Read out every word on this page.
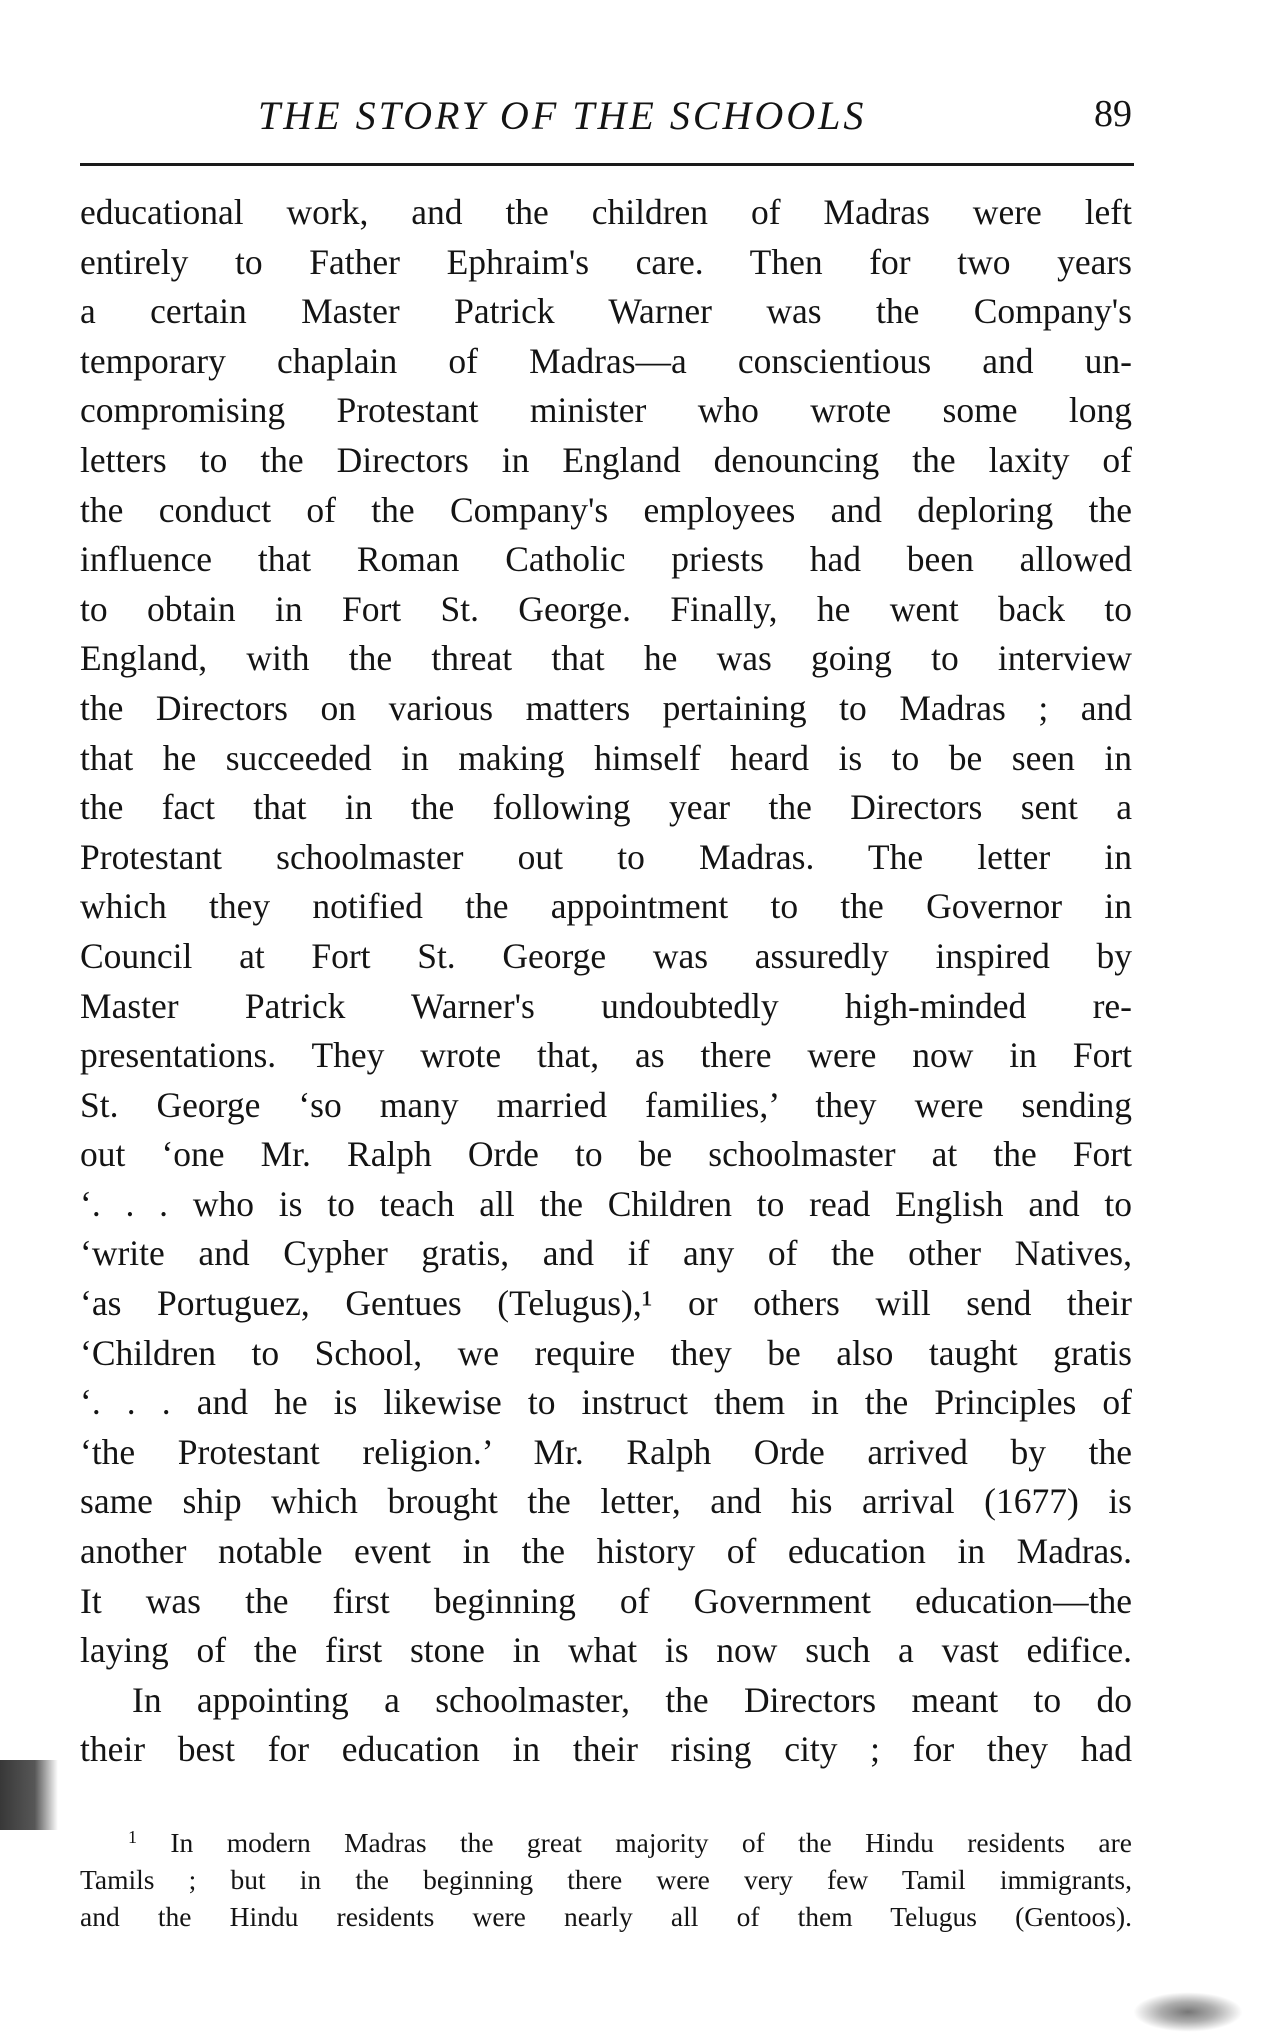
THE STORY OF THE SCHOOLS	89
educational work, and the children of Madras were left
entirely to Father Ephraim's care. Then for two years
a certain Master Patrick Warner was the Company's
temporary chaplain of Madras—a conscientious and un-
compromising Protestant minister who wrote some long
letters to the Directors in England denouncing the laxity of
the conduct of the Company's employees and deploring the
influence that Roman Catholic priests had been allowed
to obtain in Fort St. George. Finally, he went back to
England, with the threat that he was going to interview
the Directors on various matters pertaining to Madras ; and
that he succeeded in making himself heard is to be seen in
the fact that in the following year the Directors sent a
Protestant schoolmaster out to Madras. The letter in
which they notified the appointment to the Governor in
Council at Fort St. George was assuredly inspired by
Master Patrick Warner's undoubtedly high-minded re-
presentations. They wrote that, as there were now in Fort
St. George ‘so many married families,’ they were sending
out ‘one Mr. Ralph Orde to be schoolmaster at the Fort
‘. . . who is to teach all the Children to read English and to
‘write and Cypher gratis, and if any of the other Natives,
‘as Portuguez, Gentues (Telugus),¹ or others will send their
‘Children to School, we require they be also taught gratis
‘. . . and he is likewise to instruct them in the Principles of
‘the Protestant religion.’ Mr. Ralph Orde arrived by the
same ship which brought the letter, and his arrival (1677) is
another notable event in the history of education in Madras.
It was the first beginning of Government education—the
laying of the first stone in what is now such a vast edifice.
In appointing a schoolmaster, the Directors meant to do
their best for education in their rising city ; for they had
$^1$ In modern Madras the great majority of the Hindu residents are
Tamils ; but in the beginning there were very few Tamil immigrants,
and the Hindu residents were nearly all of them Telugus (Gentoos).
